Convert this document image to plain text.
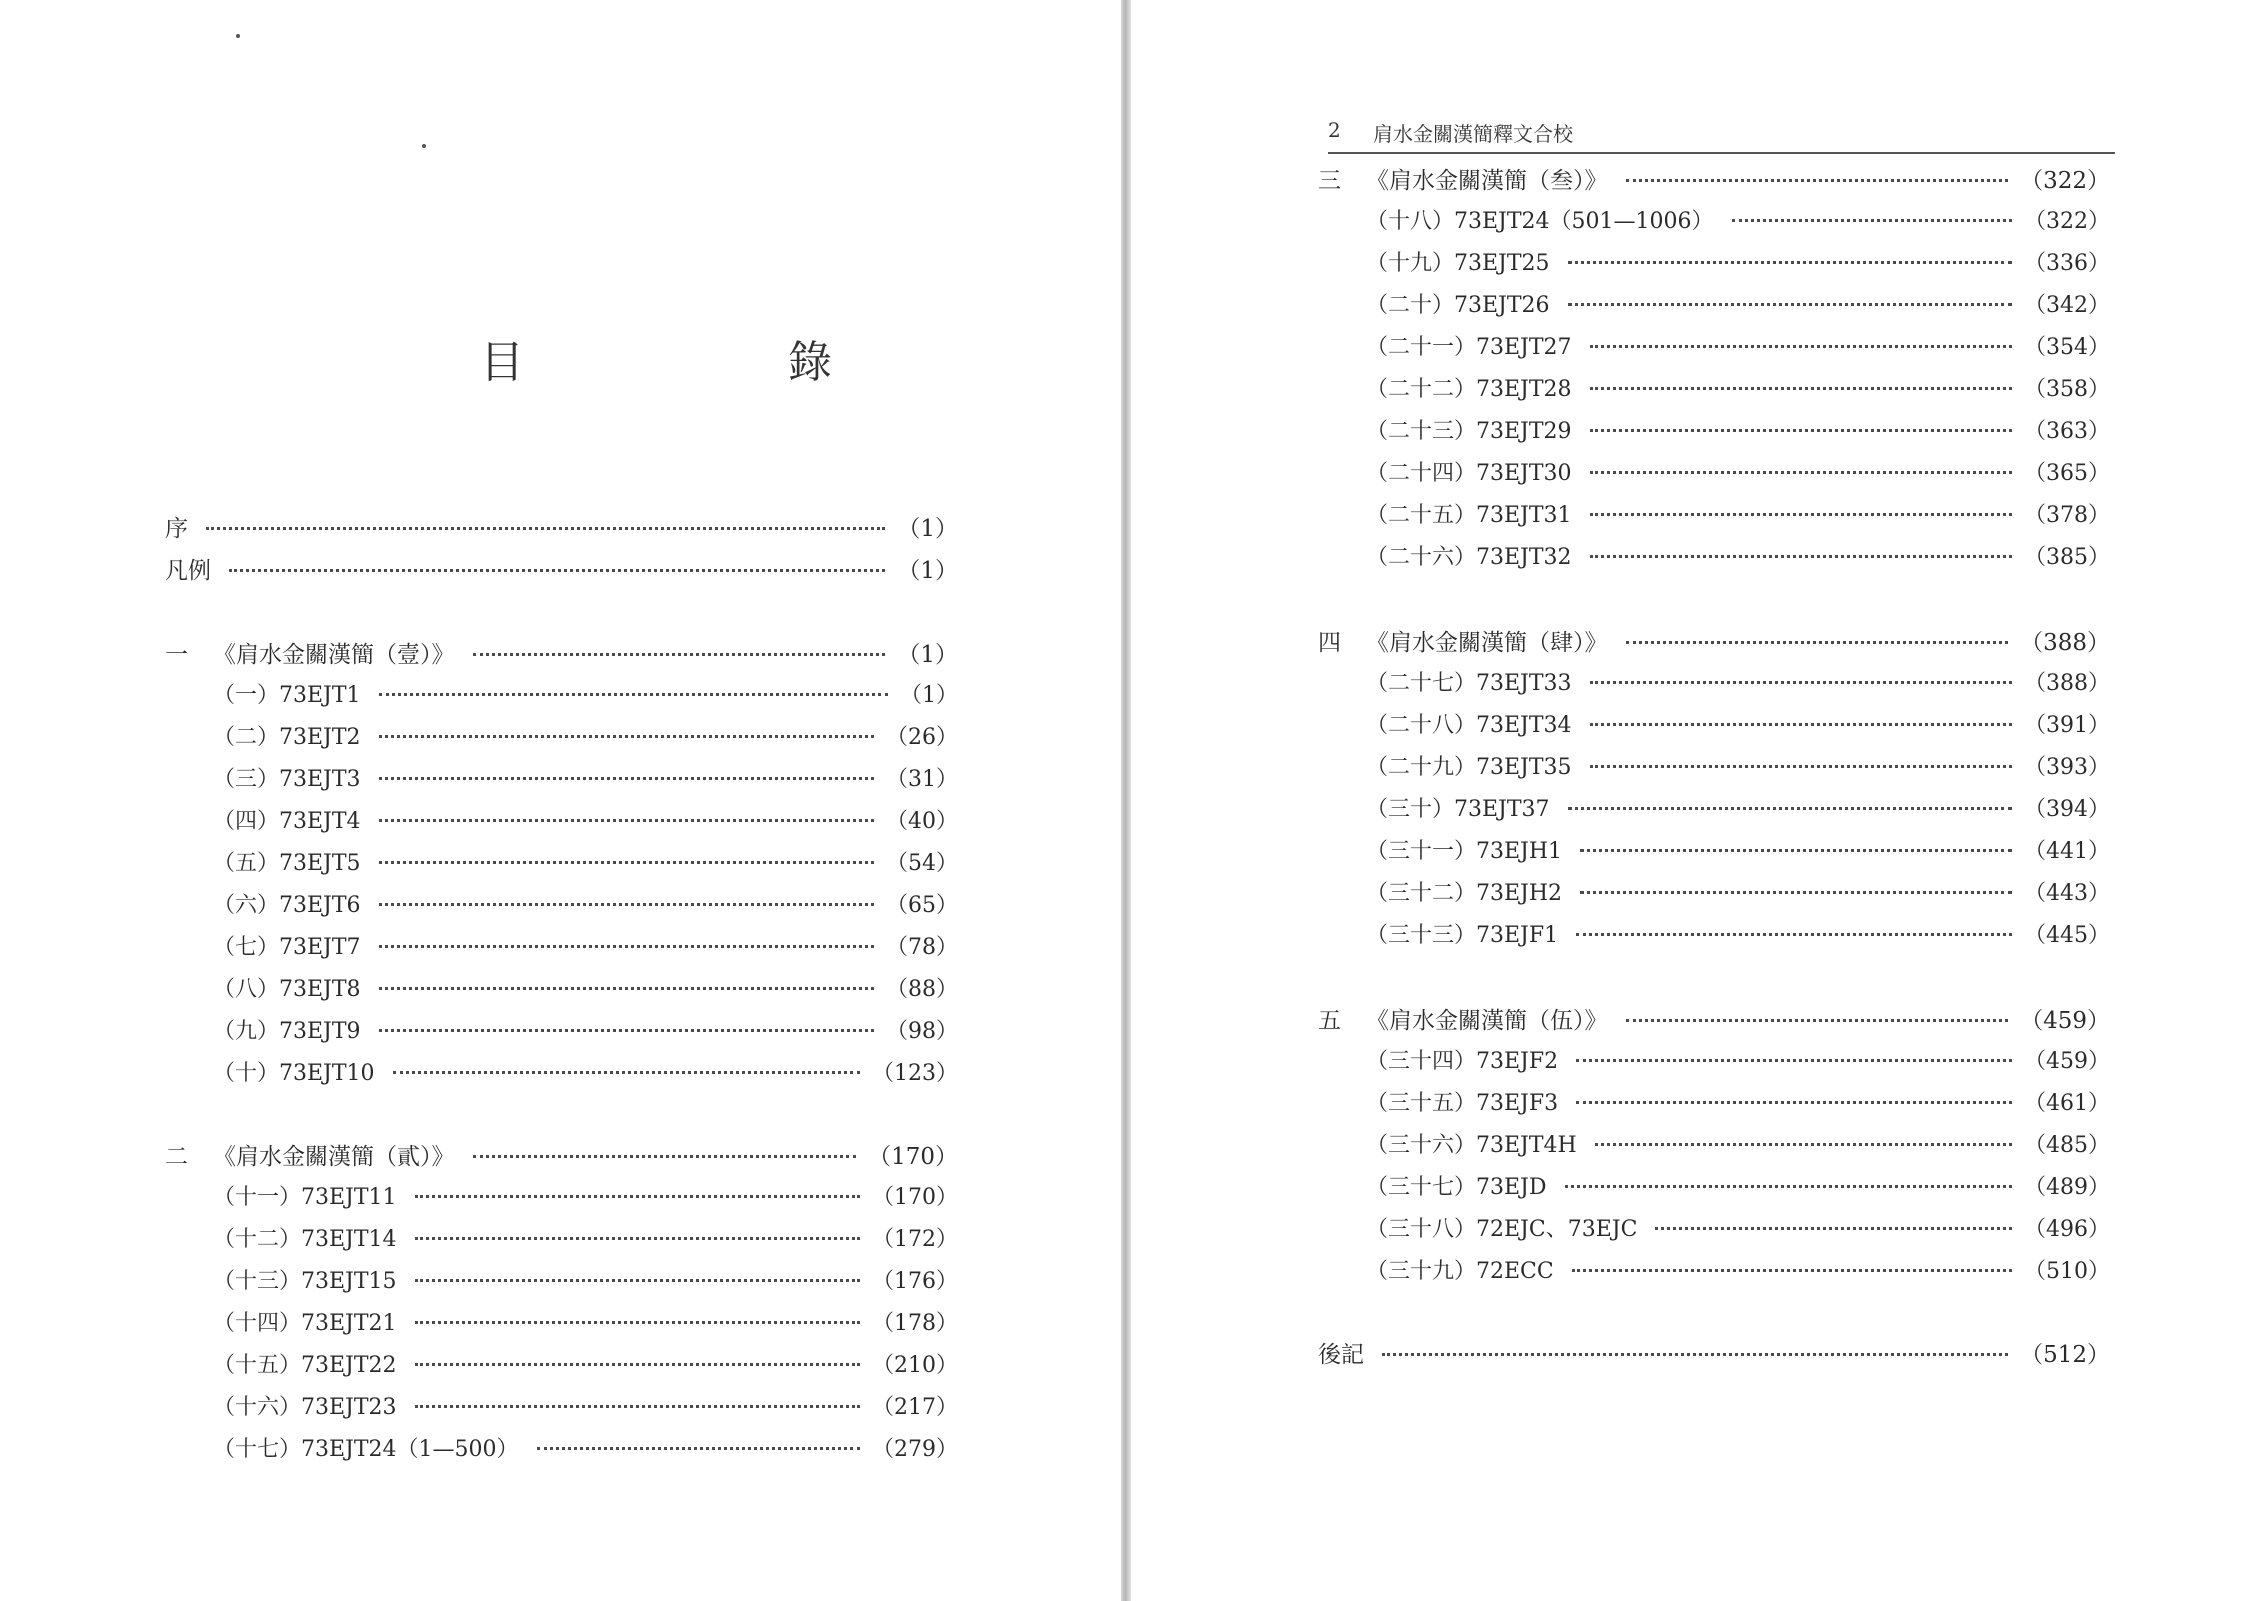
目　錄
2 肩水金關漢簡釋文合校
序	（1）
凡例	（1）
一	《肩水金關漢簡（壹）》	（1）
（一）73EJT1	（1）
（二）73EJT2	（26）
（三）73EJT3	（31）
（四）73EJT4	（40）
（五）73EJT5	（54）
（六）73EJT6	（65）
（七）73EJT7	（78）
（八）73EJT8	（88）
（九）73EJT9	（98）
（十）73EJT10	（123）
二	《肩水金關漢簡（貳）》	（170）
（十一）73EJT11	（170）
（十二）73EJT14	（172）
（十三）73EJT15	（176）
（十四）73EJT21	（178）
（十五）73EJT22	（210）
（十六）73EJT23	（217）
（十七）73EJT24（1—500）	（279）
三	《肩水金關漢簡（叁）》	（322）
（十八）73EJT24（501—1006）	（322）
（十九）73EJT25	（336）
（二十）73EJT26	（342）
（二十一）73EJT27	（354）
（二十二）73EJT28	（358）
（二十三）73EJT29	（363）
（二十四）73EJT30	（365）
（二十五）73EJT31	（378）
（二十六）73EJT32	（385）
四	《肩水金關漢簡（肆）》	（388）
（二十七）73EJT33	（388）
（二十八）73EJT34	（391）
（二十九）73EJT35	（393）
（三十）73EJT37	（394）
（三十一）73EJH1	（441）
（三十二）73EJH2	（443）
（三十三）73EJF1	（445）
五	《肩水金關漢簡（伍）》	（459）
（三十四）73EJF2	（459）
（三十五）73EJF3	（461）
（三十六）73EJT4H	（485）
（三十七）73EJD	（489）
（三十八）72EJC、73EJC	（496）
（三十九）72ECC	（510）
後記	（512）
